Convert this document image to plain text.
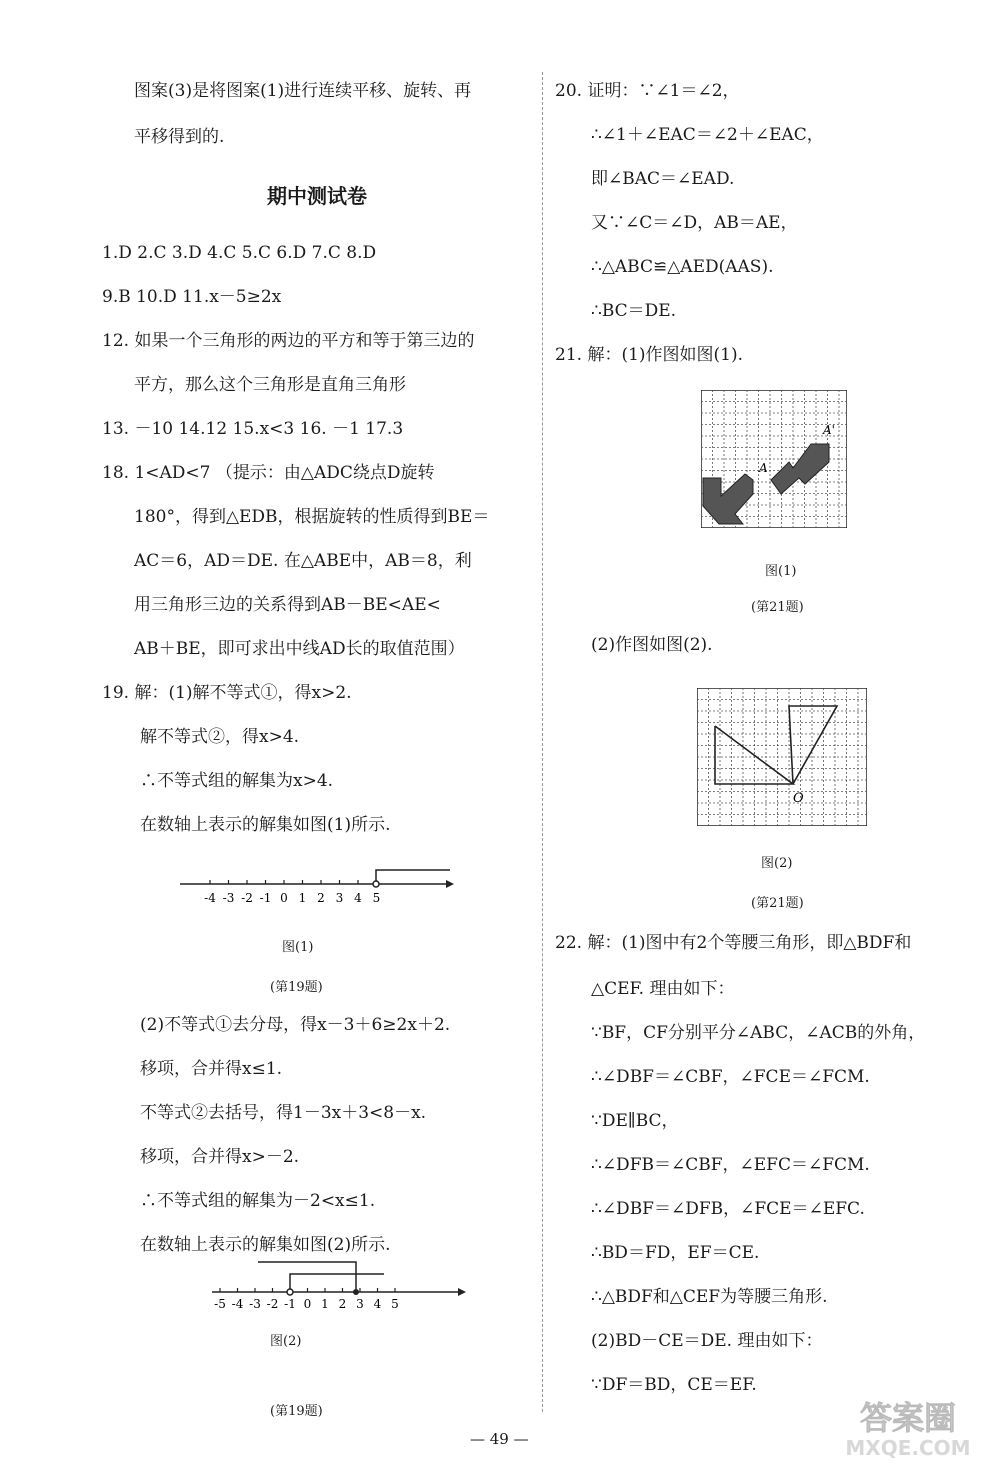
图案(3)是将图案(1)进行连续平移、旋转、再
平移得到的.
期中测试卷
1.D 2.C 3.D 4.C 5.C 6.D 7.C 8.D
9.B 10.D 11.x－5≥2x
12. 如果一个三角形的两边的平方和等于第三边的
平方，那么这个三角形是直角三角形
13. －10 14.12 15.x<3 16. －1 17.3
18. 1<AD<7 （提示：由△ADC绕点D旋转
180°，得到△EDB，根据旋转的性质得到BE＝
AC＝6，AD＝DE. 在△ABE中，AB＝8，利
用三角形三边的关系得到AB－BE<AE<
AB＋BE，即可求出中线AD长的取值范围）
19. 解：(1)解不等式①，得x>2.
解不等式②，得x>4.
∴不等式组的解集为x>4.
在数轴上表示的解集如图(1)所示.
-4 -3 -2 -1 0 1 2 3 4 5
图(1)
(第19题)
(2)不等式①去分母，得x－3＋6≥2x＋2.
移项，合并得x≤1.
不等式②去括号，得1－3x＋3<8－x.
移项，合并得x>－2.
∴不等式组的解集为－2<x≤1.
在数轴上表示的解集如图(2)所示.
-5 -4 -3 -2 -1 0 1 2 3 4 5
图(2)
(第19题)
20. 证明：∵∠1＝∠2，
∴∠1＋∠EAC＝∠2＋∠EAC，
即∠BAC＝∠EAD.
又∵∠C＝∠D，AB＝AE，
∴△ABC≌△AED(AAS).
∴BC＝DE.
21. 解：(1)作图如图(1).
A'
A
图(1)
(第21题)
(2)作图如图(2).
O
图(2)
(第21题)
22. 解：(1)图中有2个等腰三角形，即△BDF和
△CEF. 理由如下：
∵BF，CF分别平分∠ABC，∠ACB的外角，
∴∠DBF＝∠CBF，∠FCE＝∠FCM.
∵DE∥BC，
∴∠DFB＝∠CBF，∠EFC＝∠FCM.
∴∠DBF＝∠DFB，∠FCE＝∠EFC.
∴BD＝FD，EF＝CE.
∴△BDF和△CEF为等腰三角形.
(2)BD－CE＝DE. 理由如下：
∵DF＝BD，CE＝EF.
— 49 —
答案圈
MXQE.COM
